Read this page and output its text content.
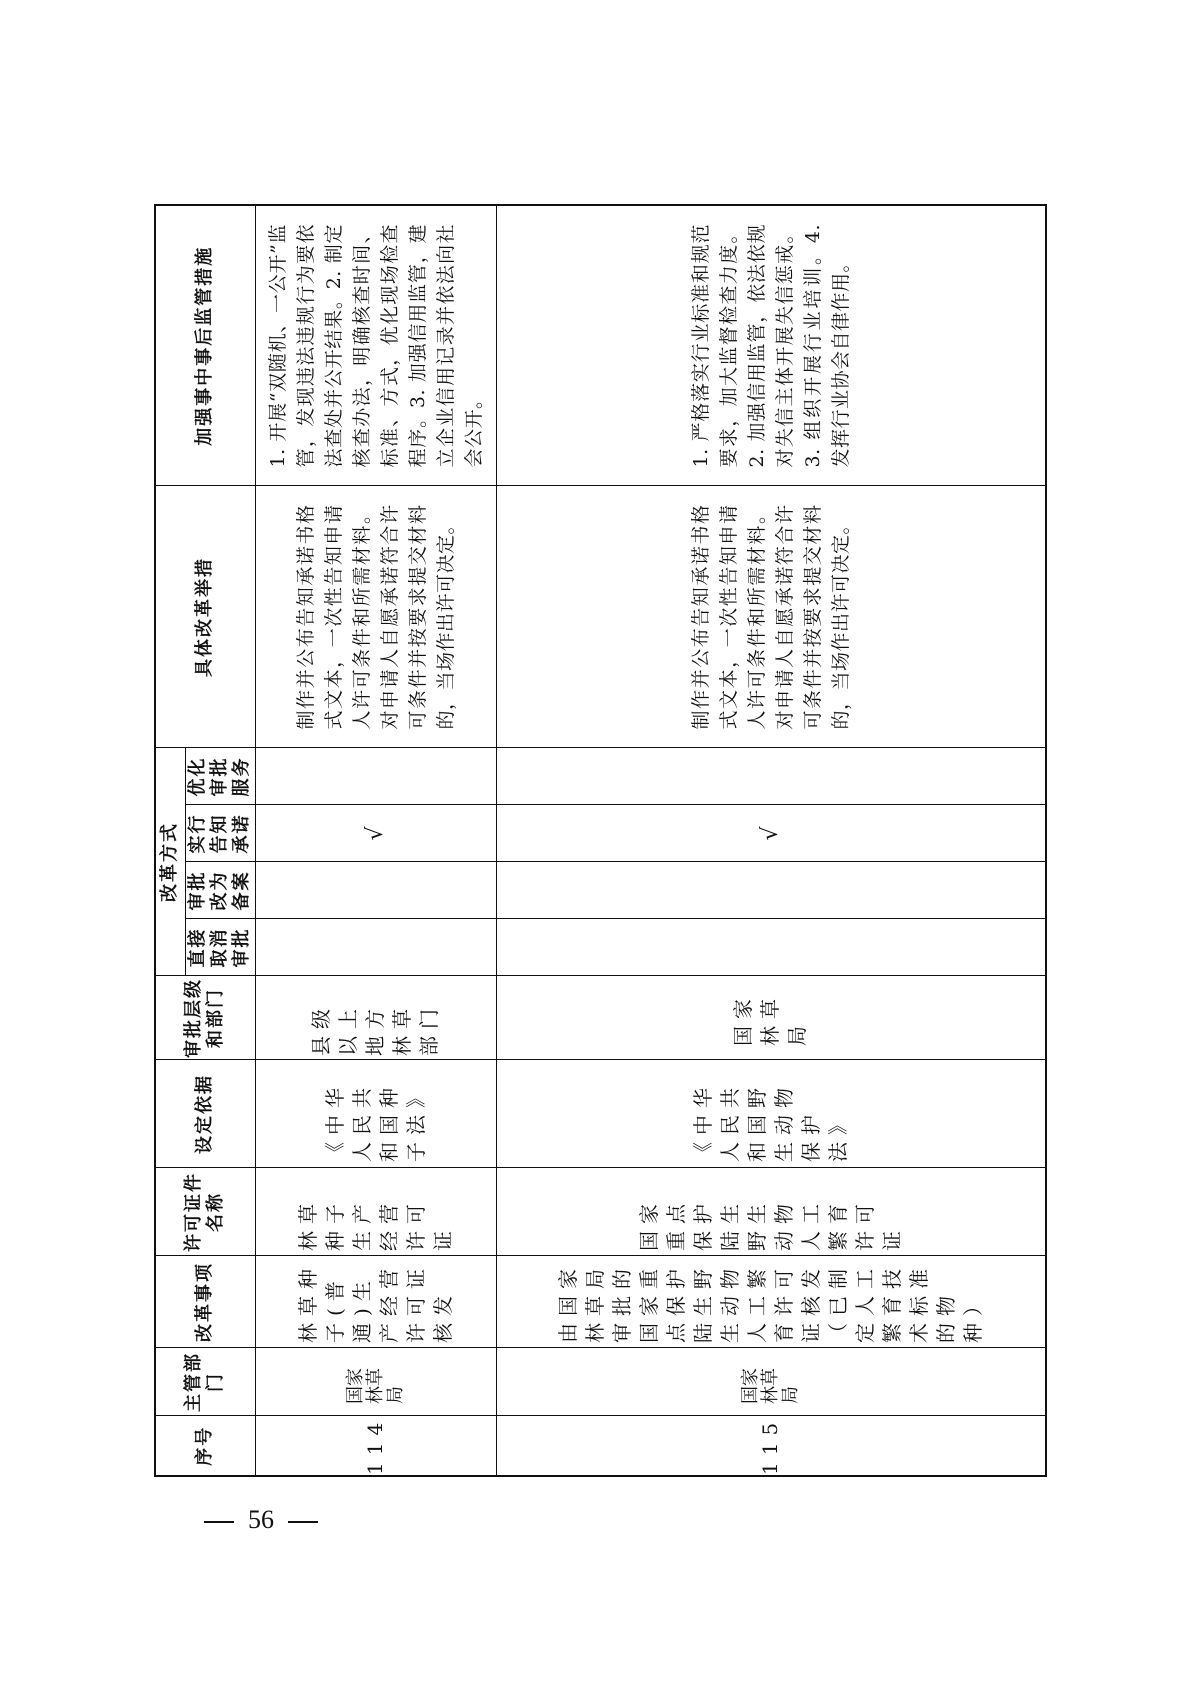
序号	主管部门	改革事项	许可证件名称	设定依据	审批层级和部门	改革方式				具体改革举措	加强事中事后监管措施
						直接取消审批	审批改为备案	实行告知承诺	优化审批服务		
114	国家林草局	林草种子(普通)生产经营许可证核发	林草种子生产经营许可证	《中华人民共和国种子法》	县级以上地方林草部门			√		制作并公布告知承诺书格式文本，一次性告知申请人许可条件和所需材料。对申请人自愿承诺符合许可条件并按要求提交材料的，当场作出许可决定。	1. 开展“双随机、一公开”监管，发现违法违规行为要依法查处并公开结果。2. 制定核查办法，明确核查时间、标准、方式，优化现场检查程序。3. 加强信用监管，建立企业信用记录并依法向社会公开。
115	国家林草局	由国家林草局审批的国家重点保护陆生野生动物人工繁育许可证核发（已制定人工繁育技术标准的物种）	国家重点保护陆生野生动物人工繁育许可证	《中华人民共和国野生动物保护法》	国家林草局			√		制作并公布告知承诺书格式文本，一次性告知申请人许可条件和所需材料。对申请人自愿承诺符合许可条件并按要求提交材料的，当场作出许可决定。	1. 严格落实行业标准和规范要求，加大监督检查力度。2. 加强信用监管，依法依规对失信主体开展失信惩戒。3. 组织开展行业培训。4. 发挥行业协会自律作用。
56
